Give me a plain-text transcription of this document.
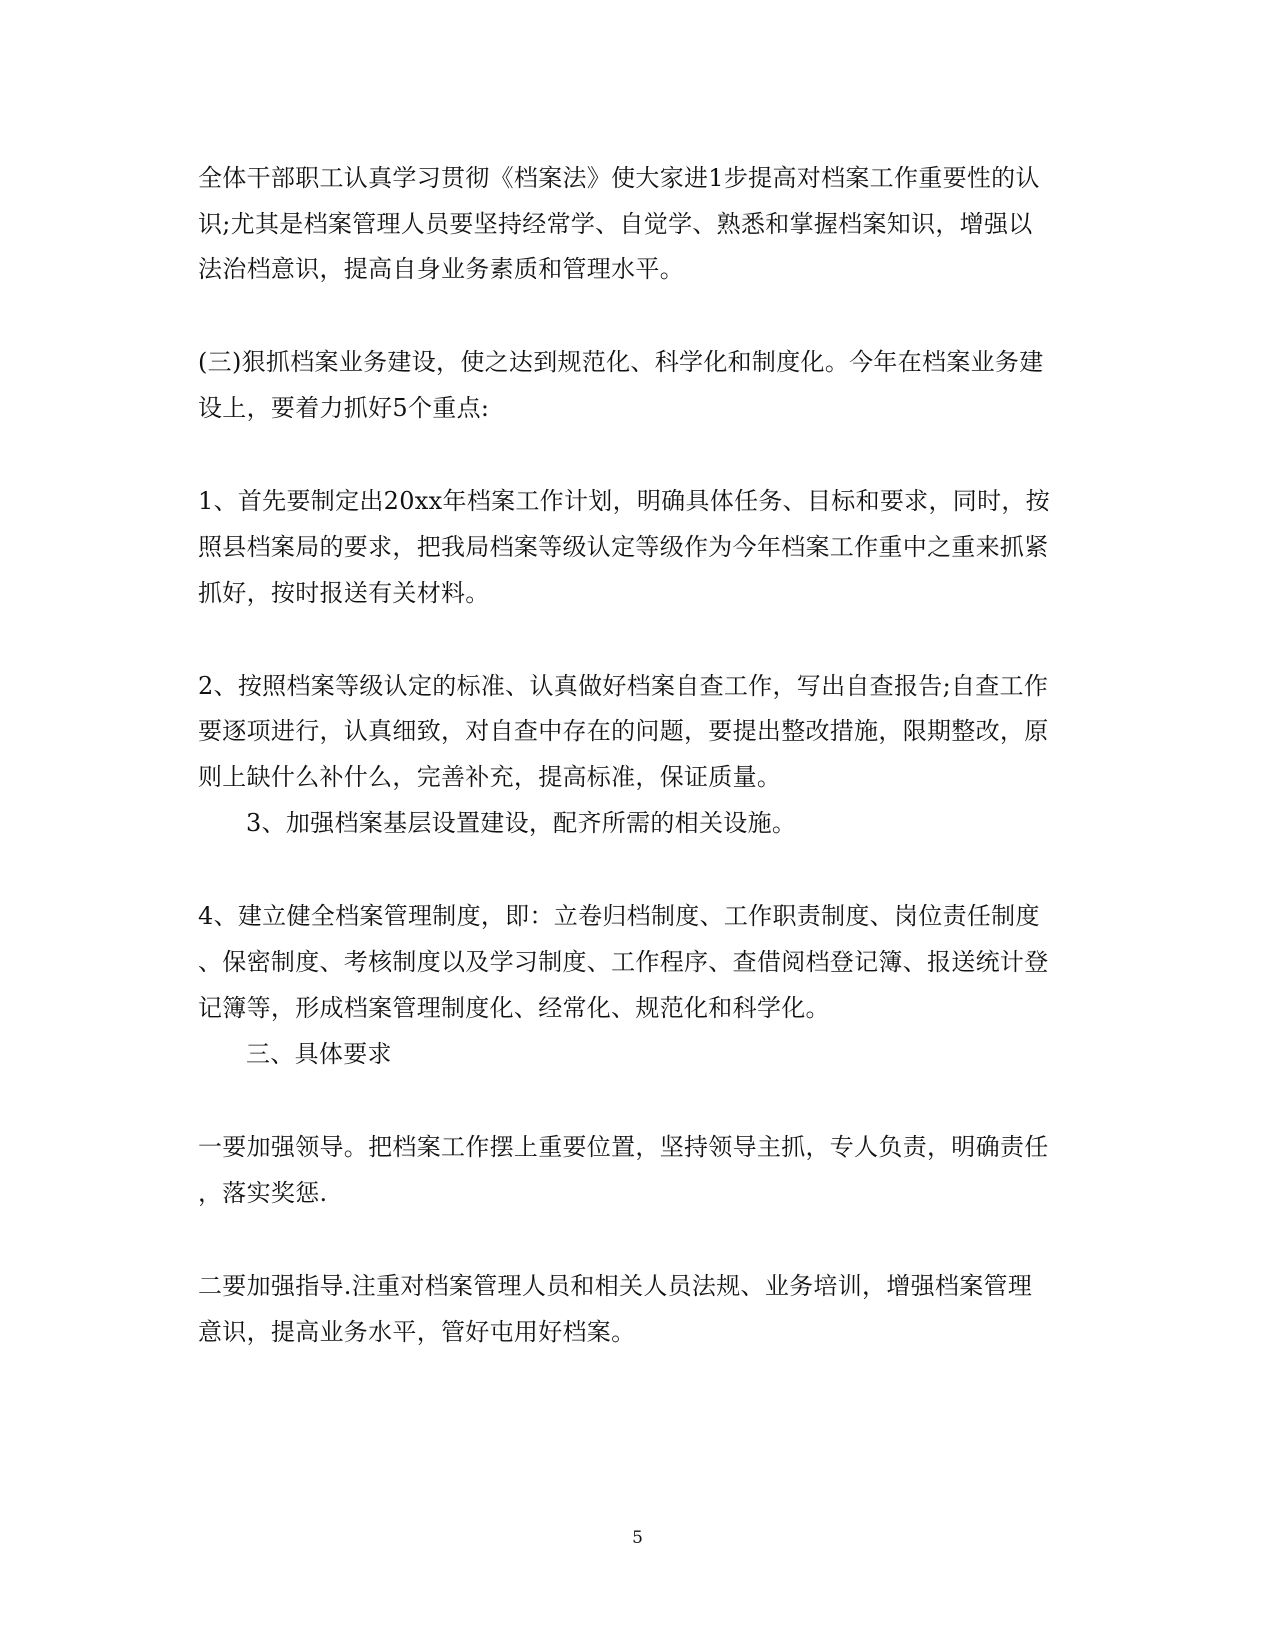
全体干部职工认真学习贯彻《档案法》使大家进1步提高对档案工作重要性的认
识;尤其是档案管理人员要坚持经常学、自觉学、熟悉和掌握档案知识，增强以
法治档意识，提高自身业务素质和管理水平。
(三)狠抓档案业务建设，使之达到规范化、科学化和制度化。今年在档案业务建
设上，要着力抓好5个重点:
1、首先要制定出20xx年档案工作计划，明确具体任务、目标和要求，同时，按
照县档案局的要求，把我局档案等级认定等级作为今年档案工作重中之重来抓紧
抓好，按时报送有关材料。
2、按照档案等级认定的标准、认真做好档案自查工作，写出自查报告;自查工作
要逐项进行，认真细致，对自查中存在的问题，要提出整改措施，限期整改，原
则上缺什么补什么，完善补充，提高标准，保证质量。
3、加强档案基层设置建设，配齐所需的相关设施。
4、建立健全档案管理制度，即：立卷归档制度、工作职责制度、岗位责任制度
、保密制度、考核制度以及学习制度、工作程序、查借阅档登记簿、报送统计登
记簿等，形成档案管理制度化、经常化、规范化和科学化。
三、具体要求
一要加强领导。把档案工作摆上重要位置，坚持领导主抓，专人负责，明确责任
，落实奖惩.
二要加强指导.注重对档案管理人员和相关人员法规、业务培训，增强档案管理
意识，提高业务水平，管好屯用好档案。
5
